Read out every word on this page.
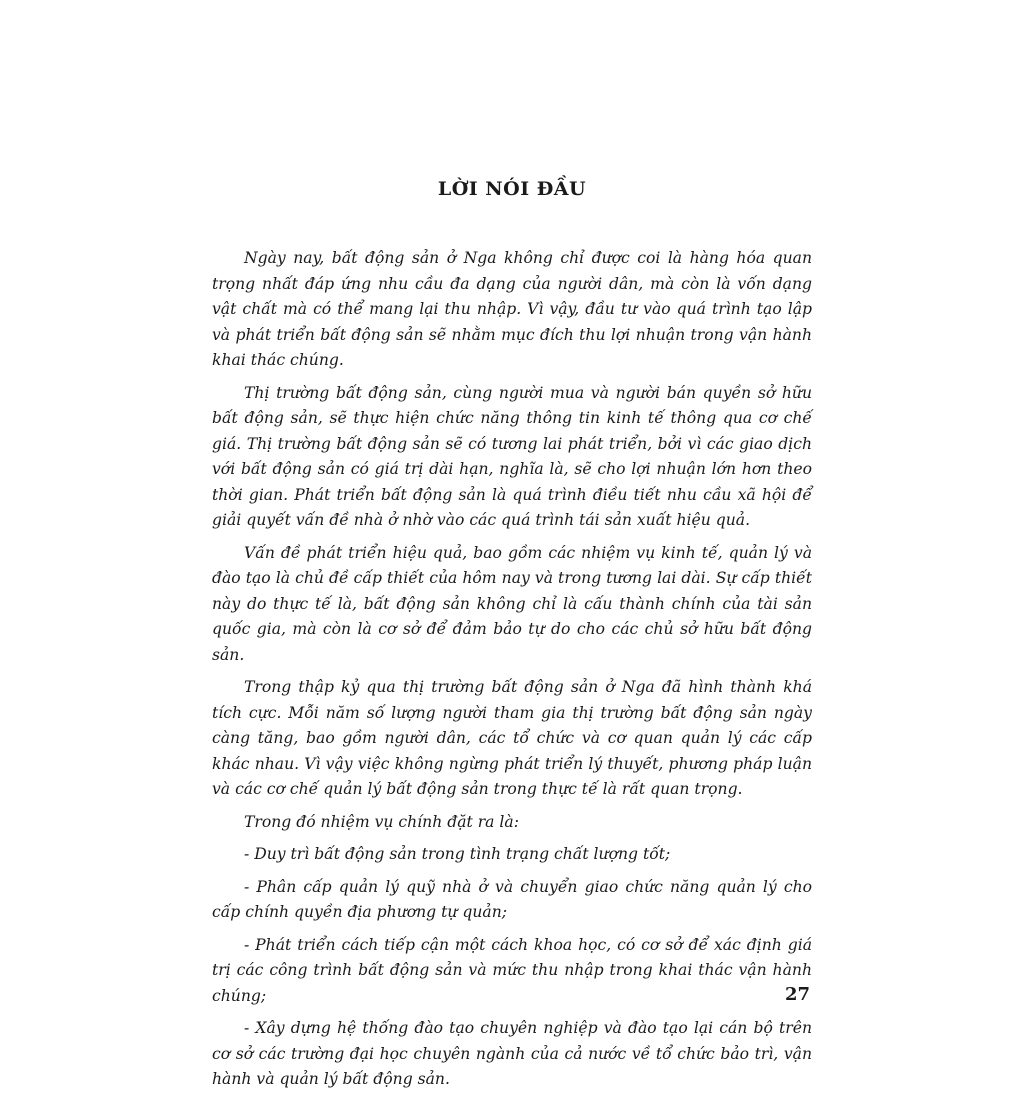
LỜI NÓI ĐẦU

Ngày nay, bất động sản ở Nga không chỉ được coi là hàng hóa quan trọng nhất đáp ứng nhu cầu đa dạng của người dân, mà còn là vốn dạng vật chất mà có thể mang lại thu nhập. Vì vậy, đầu tư vào quá trình tạo lập và phát triển bất động sản sẽ nhằm mục đích thu lợi nhuận trong vận hành khai thác chúng.

Thị trường bất động sản, cùng người mua và người bán quyền sở hữu bất động sản, sẽ thực hiện chức năng thông tin kinh tế thông qua cơ chế giá. Thị trường bất động sản sẽ có tương lai phát triển, bởi vì các giao dịch với bất động sản có giá trị dài hạn, nghĩa là, sẽ cho lợi nhuận lớn hơn theo thời gian. Phát triển bất động sản là quá trình điều tiết nhu cầu xã hội để giải quyết vấn đề nhà ở nhờ vào các quá trình tái sản xuất hiệu quả.

Vấn đề phát triển hiệu quả, bao gồm các nhiệm vụ kinh tế, quản lý và đào tạo là chủ đề cấp thiết của hôm nay và trong tương lai dài. Sự cấp thiết này do thực tế là, bất động sản không chỉ là cấu thành chính của tài sản quốc gia, mà còn là cơ sở để đảm bảo tự do cho các chủ sở hữu bất động sản.

Trong thập kỷ qua thị trường bất động sản ở Nga đã hình thành khá tích cực. Mỗi năm số lượng người tham gia thị trường bất động sản ngày càng tăng, bao gồm người dân, các tổ chức và cơ quan quản lý các cấp khác nhau. Vì vậy việc không ngừng phát triển lý thuyết, phương pháp luận và các cơ chế quản lý bất động sản trong thực tế là rất quan trọng.

Trong đó nhiệm vụ chính đặt ra là:

- Duy trì bất động sản trong tình trạng chất lượng tốt;

- Phân cấp quản lý quỹ nhà ở và chuyển giao chức năng quản lý cho cấp chính quyền địa phương tự quản;

- Phát triển cách tiếp cận một cách khoa học, có cơ sở để xác định giá trị các công trình bất động sản và mức thu nhập trong khai thác vận hành chúng;

- Xây dựng hệ thống đào tạo chuyên nghiệp và đào tạo lại cán bộ trên cơ sở các trường đại học chuyên ngành của cả nước về tổ chức bảo trì, vận hành và quản lý bất động sản.

27
